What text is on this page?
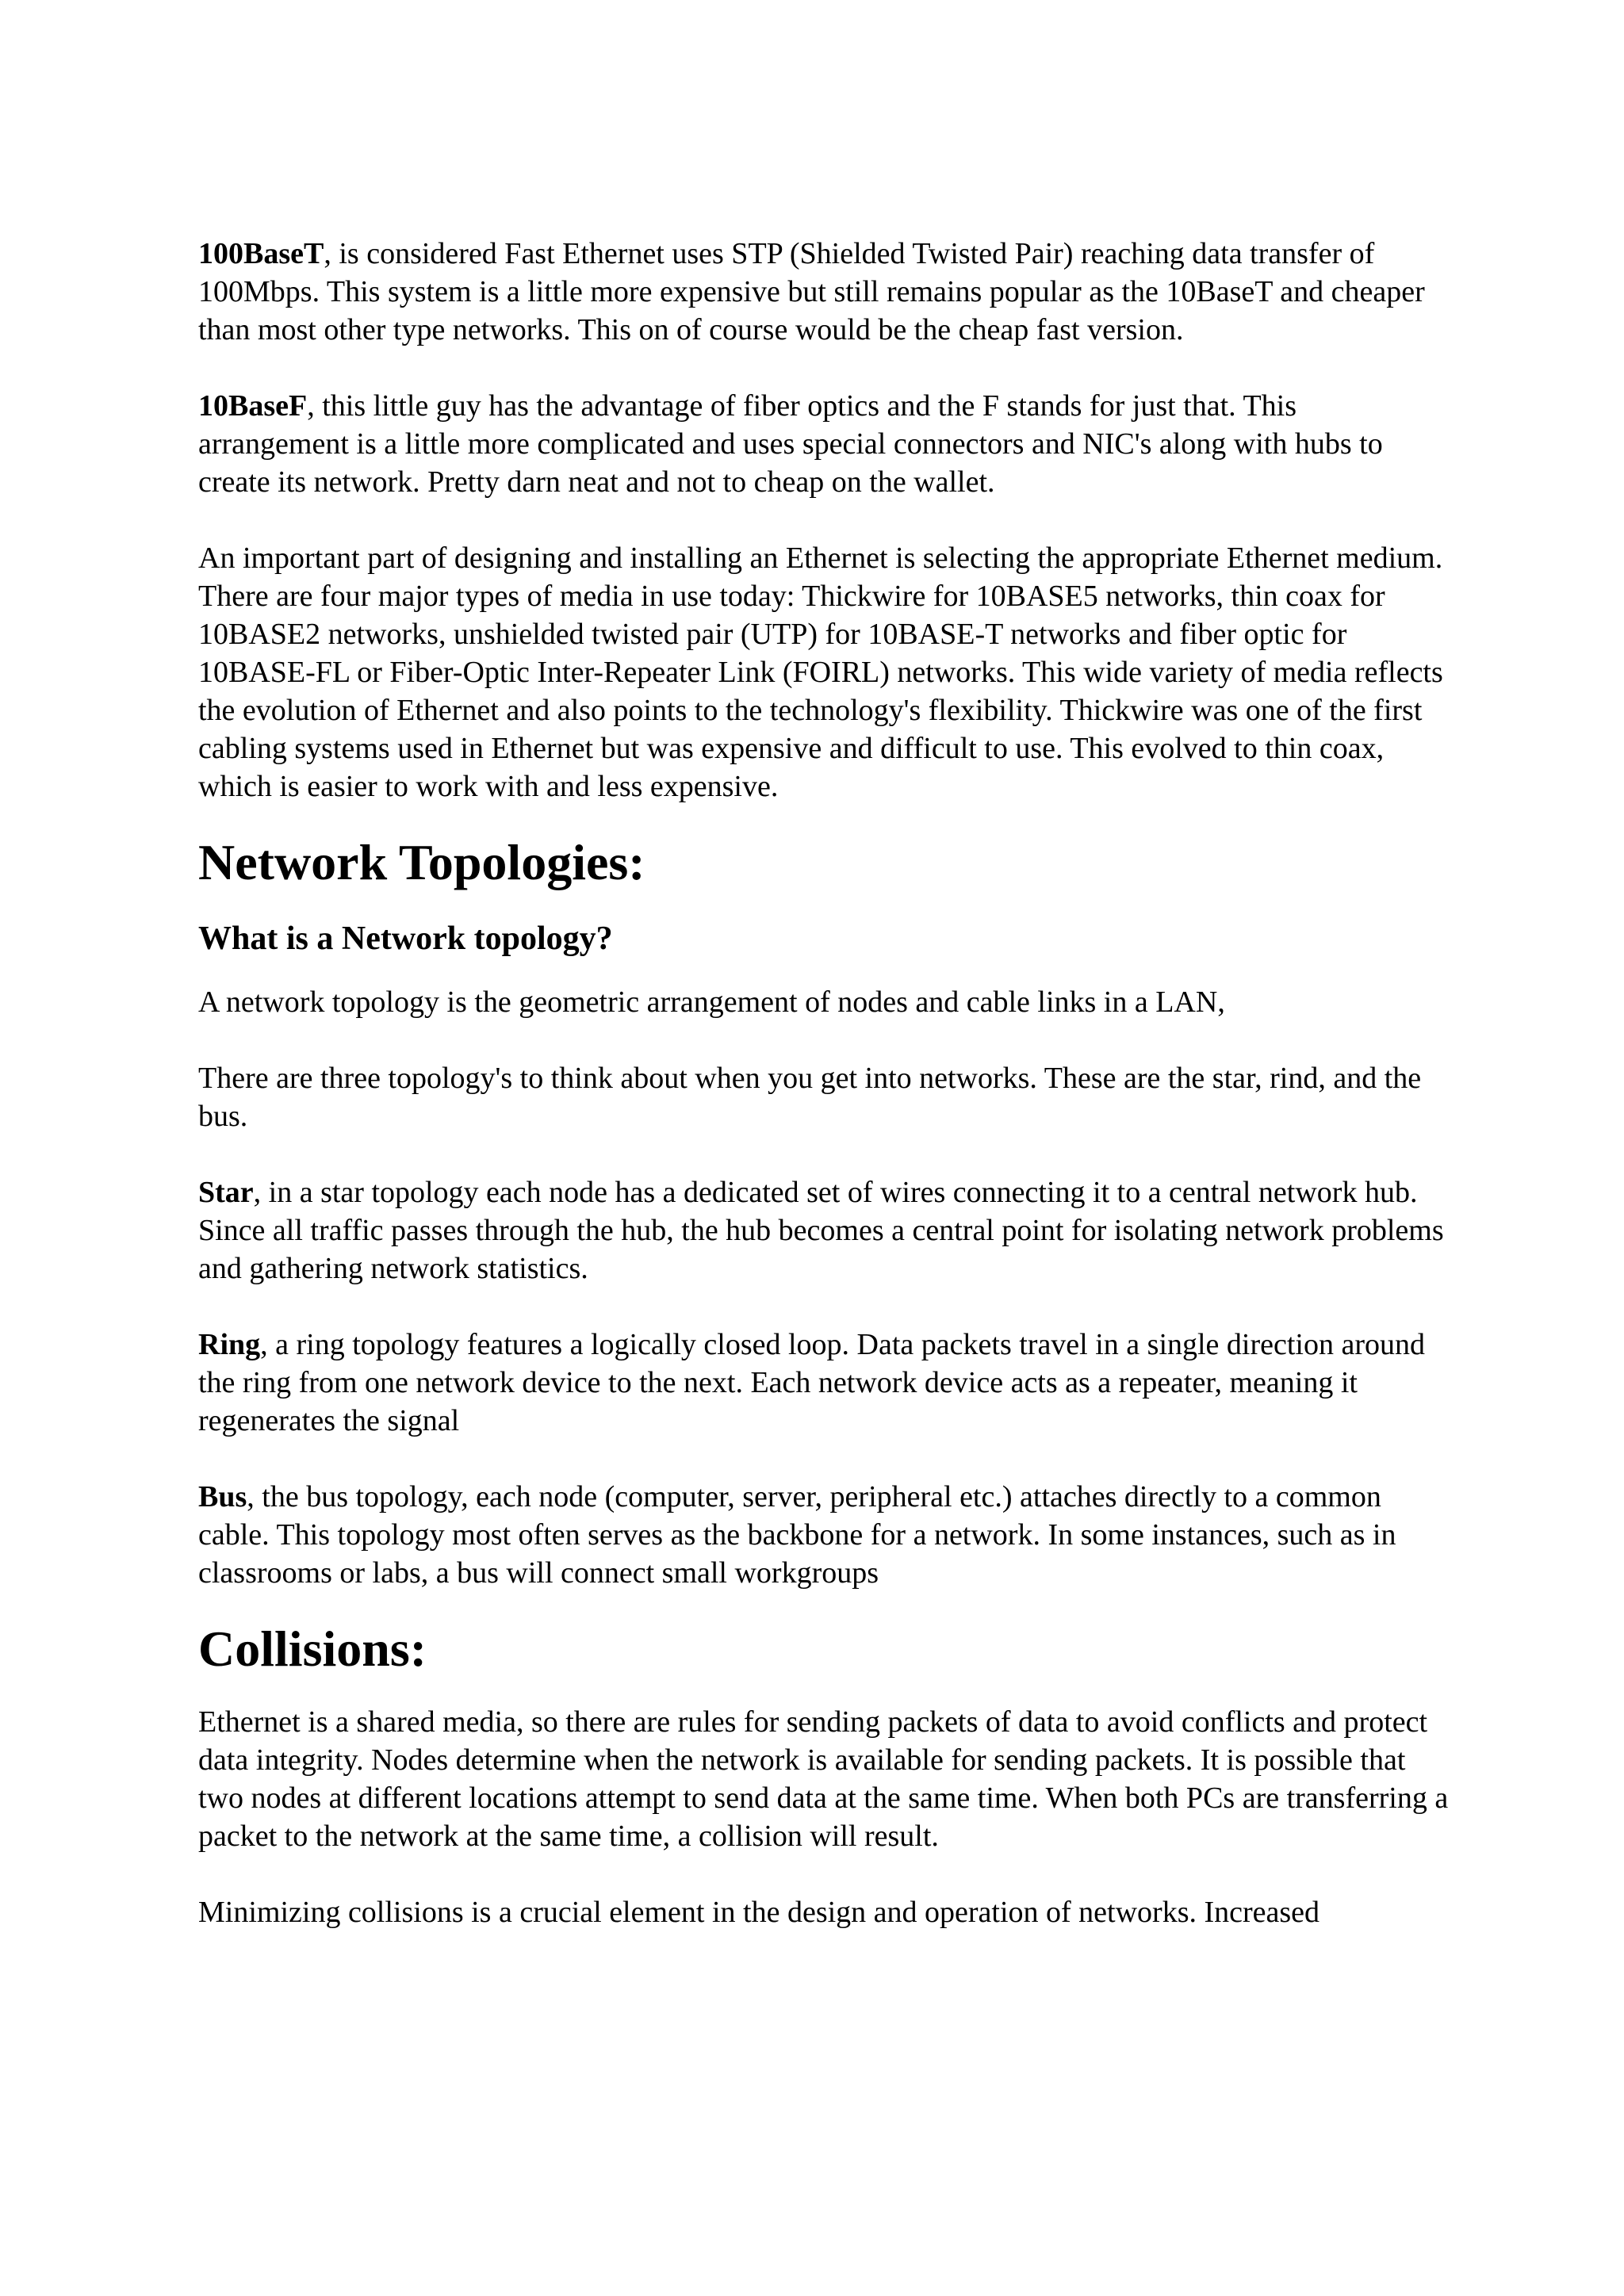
100BaseT, is considered Fast Ethernet uses STP (Shielded Twisted Pair) reaching data transfer of 100Mbps. This system is a little more expensive but still remains popular as the 10BaseT and cheaper than most other type networks. This on of course would be the cheap fast version.

10BaseF, this little guy has the advantage of fiber optics and the F stands for just that. This arrangement is a little more complicated and uses special connectors and NIC's along with hubs to create its network. Pretty darn neat and not to cheap on the wallet.

An important part of designing and installing an Ethernet is selecting the appropriate Ethernet medium. There are four major types of media in use today: Thickwire for 10BASE5 networks, thin coax for 10BASE2 networks, unshielded twisted pair (UTP) for 10BASE-T networks and fiber optic for 10BASE-FL or Fiber-Optic Inter-Repeater Link (FOIRL) networks. This wide variety of media reflects the evolution of Ethernet and also points to the technology's flexibility. Thickwire was one of the first cabling systems used in Ethernet but was expensive and difficult to use. This evolved to thin coax, which is easier to work with and less expensive.

Network Topologies:
What is a Network topology?

A network topology is the geometric arrangement of nodes and cable links in a LAN,

There are three topology's to think about when you get into networks. These are the star, rind, and the bus.

Star, in a star topology each node has a dedicated set of wires connecting it to a central network hub. Since all traffic passes through the hub, the hub becomes a central point for isolating network problems and gathering network statistics.

Ring, a ring topology features a logically closed loop. Data packets travel in a single direction around the ring from one network device to the next. Each network device acts as a repeater, meaning it regenerates the signal

Bus, the bus topology, each node (computer, server, peripheral etc.) attaches directly to a common cable. This topology most often serves as the backbone for a network. In some instances, such as in classrooms or labs, a bus will connect small workgroups

Collisions:

Ethernet is a shared media, so there are rules for sending packets of data to avoid conflicts and protect data integrity. Nodes determine when the network is available for sending packets. It is possible that two nodes at different locations attempt to send data at the same time. When both PCs are transferring a packet to the network at the same time, a collision will result.

Minimizing collisions is a crucial element in the design and operation of networks. Increased
